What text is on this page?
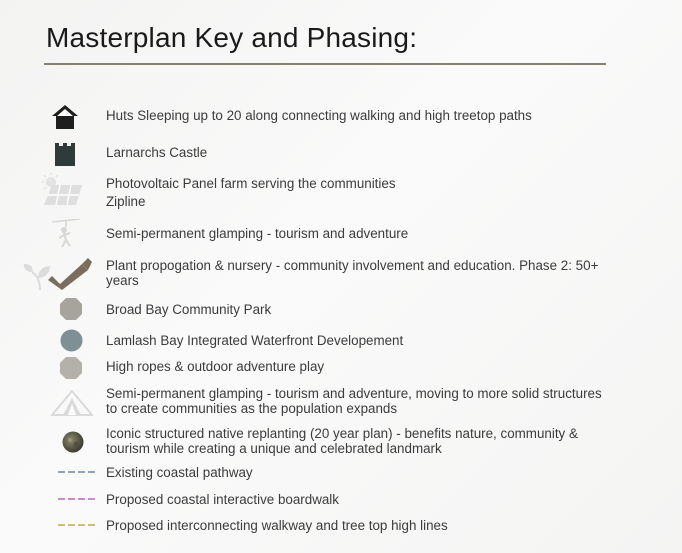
Masterplan Key and Phasing:
Huts Sleeping up to 20 along connecting walking and high treetop paths
Larnarchs Castle
Photovoltaic Panel farm serving the communities
Zipline
Semi-permanent glamping - tourism and adventure
Plant propogation & nursery - community involvement and education. Phase 2: 50+ years
Broad Bay Community Park
Lamlash Bay Integrated Waterfront Developement
High ropes & outdoor adventure play
Semi-permanent glamping - tourism and adventure, moving to more solid structures to create communities as the population expands
Iconic structured native replanting (20 year plan) - benefits nature, community & tourism while creating a unique and celebrated landmark
Existing coastal pathway
Proposed coastal interactive boardwalk
Proposed interconnecting walkway and tree top high lines
